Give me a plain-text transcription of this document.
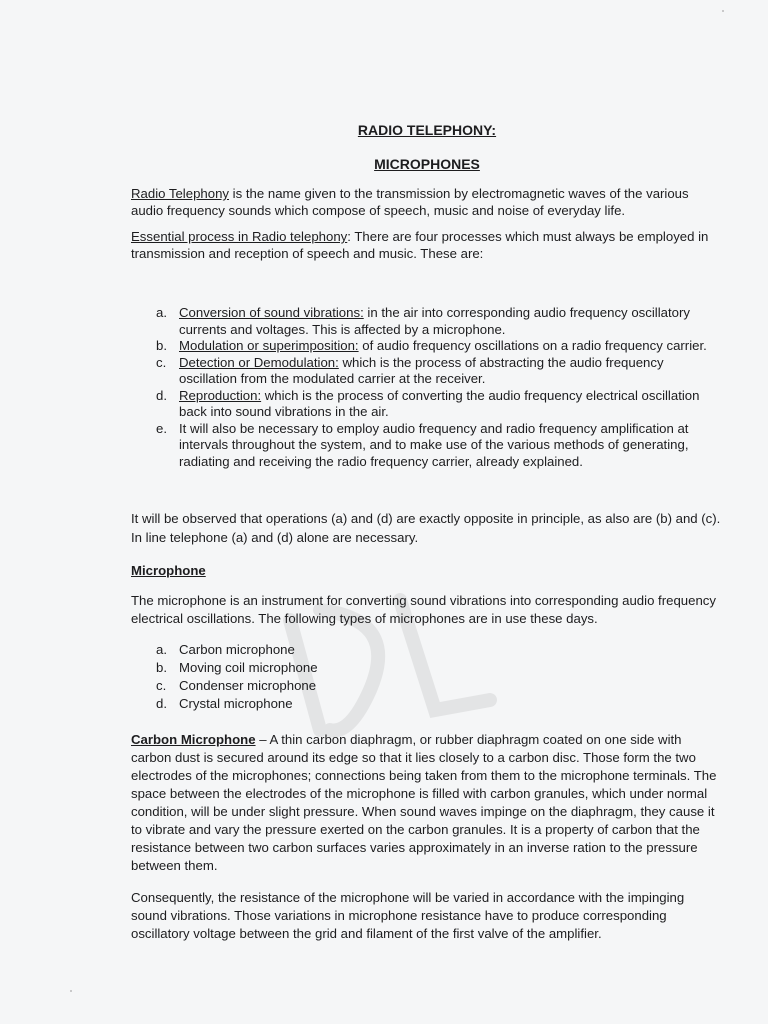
RADIO TELEPHONY:

MICROPHONES

Radio Telephony is the name given to the transmission by electromagnetic waves of the various audio frequency sounds which compose of speech, music and noise of everyday life.

Essential process in Radio telephony: There are four processes which must always be employed in transmission and reception of speech and music. These are:

a. Conversion of sound vibrations: in the air into corresponding audio frequency oscillatory currents and voltages. This is affected by a microphone.
b. Modulation or superimposition: of audio frequency oscillations on a radio frequency carrier.
c. Detection or Demodulation: which is the process of abstracting the audio frequency oscillation from the modulated carrier at the receiver.
d. Reproduction: which is the process of converting the audio frequency electrical oscillation back into sound vibrations in the air.
e. It will also be necessary to employ audio frequency and radio frequency amplification at intervals throughout the system, and to make use of the various methods of generating, radiating and receiving the radio frequency carrier, already explained.

It will be observed that operations (a) and (d) are exactly opposite in principle, as also are (b) and (c). In line telephone (a) and (d) alone are necessary.

Microphone

The microphone is an instrument for converting sound vibrations into corresponding audio frequency electrical oscillations. The following types of microphones are in use these days.

a. Carbon microphone
b. Moving coil microphone
c. Condenser microphone
d. Crystal microphone

Carbon Microphone – A thin carbon diaphragm, or rubber diaphragm coated on one side with carbon dust is secured around its edge so that it lies closely to a carbon disc. Those form the two electrodes of the microphones; connections being taken from them to the microphone terminals. The space between the electrodes of the microphone is filled with carbon granules, which under normal condition, will be under slight pressure. When sound waves impinge on the diaphragm, they cause it to vibrate and vary the pressure exerted on the carbon granules. It is a property of carbon that the resistance between two carbon surfaces varies approximately in an inverse ration to the pressure between them.

Consequently, the resistance of the microphone will be varied in accordance with the impinging sound vibrations. Those variations in microphone resistance have to produce corresponding oscillatory voltage between the grid and filament of the first valve of the amplifier.
